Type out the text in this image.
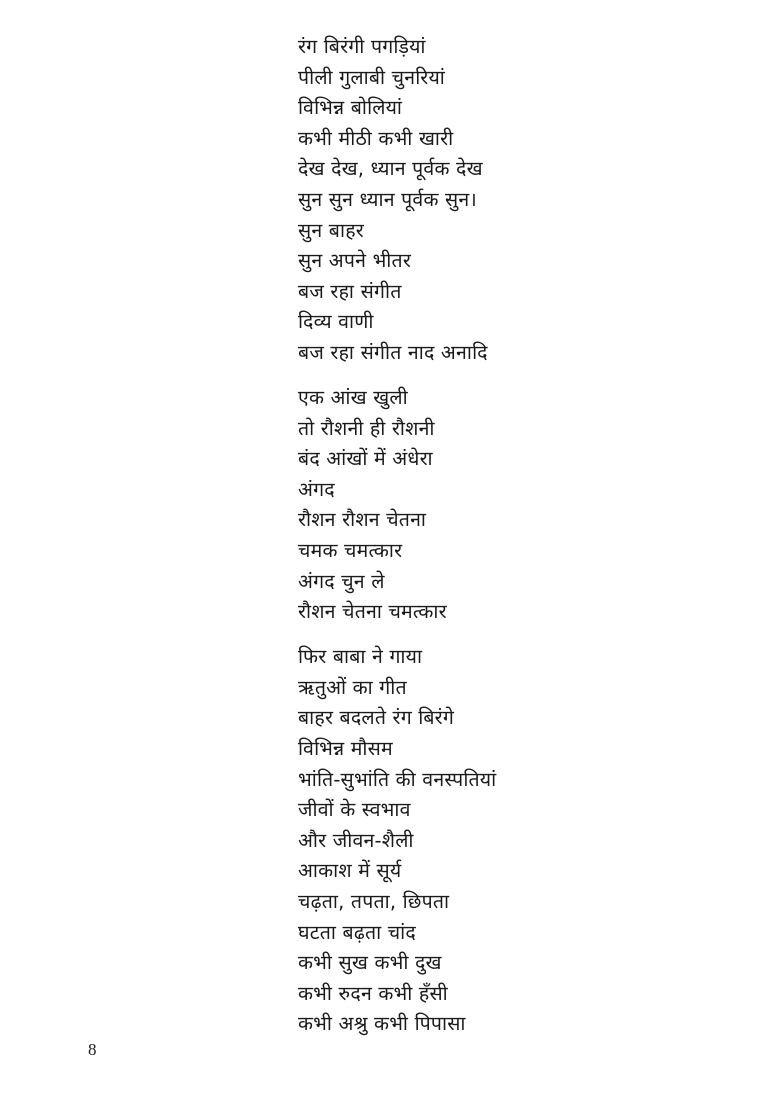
रंग बिरंगी पगड़ियां
पीली गुलाबी चुनरियां
विभिन्न बोलियां
कभी मीठी कभी खारी
देख देख, ध्यान पूर्वक देख
सुन सुन ध्यान पूर्वक सुन।
सुन बाहर
सुन अपने भीतर
बज रहा संगीत
दिव्य वाणी
बज रहा संगीत नाद अनादि
एक आंख खुली
तो रौशनी ही रौशनी
बंद आंखों में अंधेरा
अंगद
रौशन रौशन चेतना
चमक चमत्कार
अंगद चुन ले
रौशन चेतना चमत्कार
फिर बाबा ने गाया
ऋतुओं का गीत
बाहर बदलते रंग बिरंगे
विभिन्न मौसम
भांति-सुभांति की वनस्पतियां
जीवों के स्वभाव
और जीवन-शैली
आकाश में सूर्य
चढ़ता, तपता, छिपता
घटता बढ़ता चांद
कभी सुख कभी दुख
कभी रुदन कभी हँसी
कभी अश्रु कभी पिपासा
8
